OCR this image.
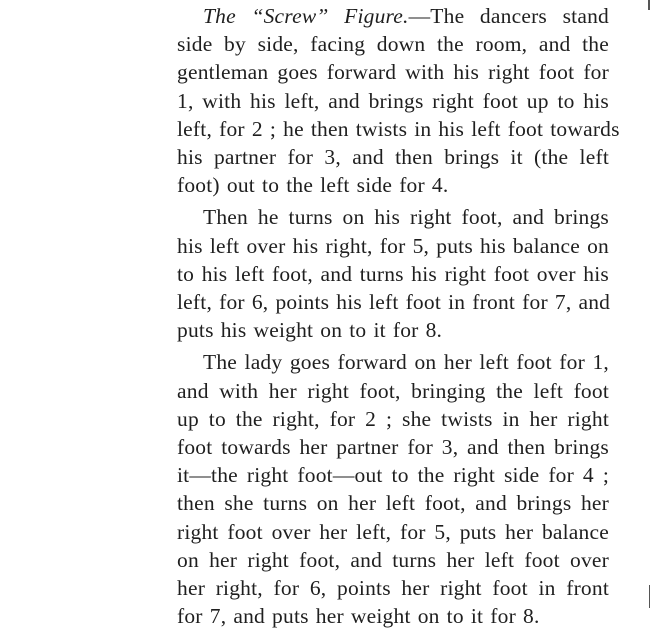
The “Screw” Figure.—The dancers stand
side by side, facing down the room, and the
gentleman goes forward with his right foot for
1, with his left, and brings right foot up to his
left, for 2 ; he then twists in his left foot towards
his partner for 3, and then brings it (the left
foot) out to the left side for 4.
Then he turns on his right foot, and brings
his left over his right, for 5, puts his balance on
to his left foot, and turns his right foot over his
left, for 6, points his left foot in front for 7, and
puts his weight on to it for 8.
The lady goes forward on her left foot for 1,
and with her right foot, bringing the left foot
up to the right, for 2 ; she twists in her right
foot towards her partner for 3, and then brings
it—the right foot—out to the right side for 4 ;
then she turns on her left foot, and brings her
right foot over her left, for 5, puts her balance
on her right foot, and turns her left foot over
her right, for 6, points her right foot in front
for 7, and puts her weight on to it for 8.
